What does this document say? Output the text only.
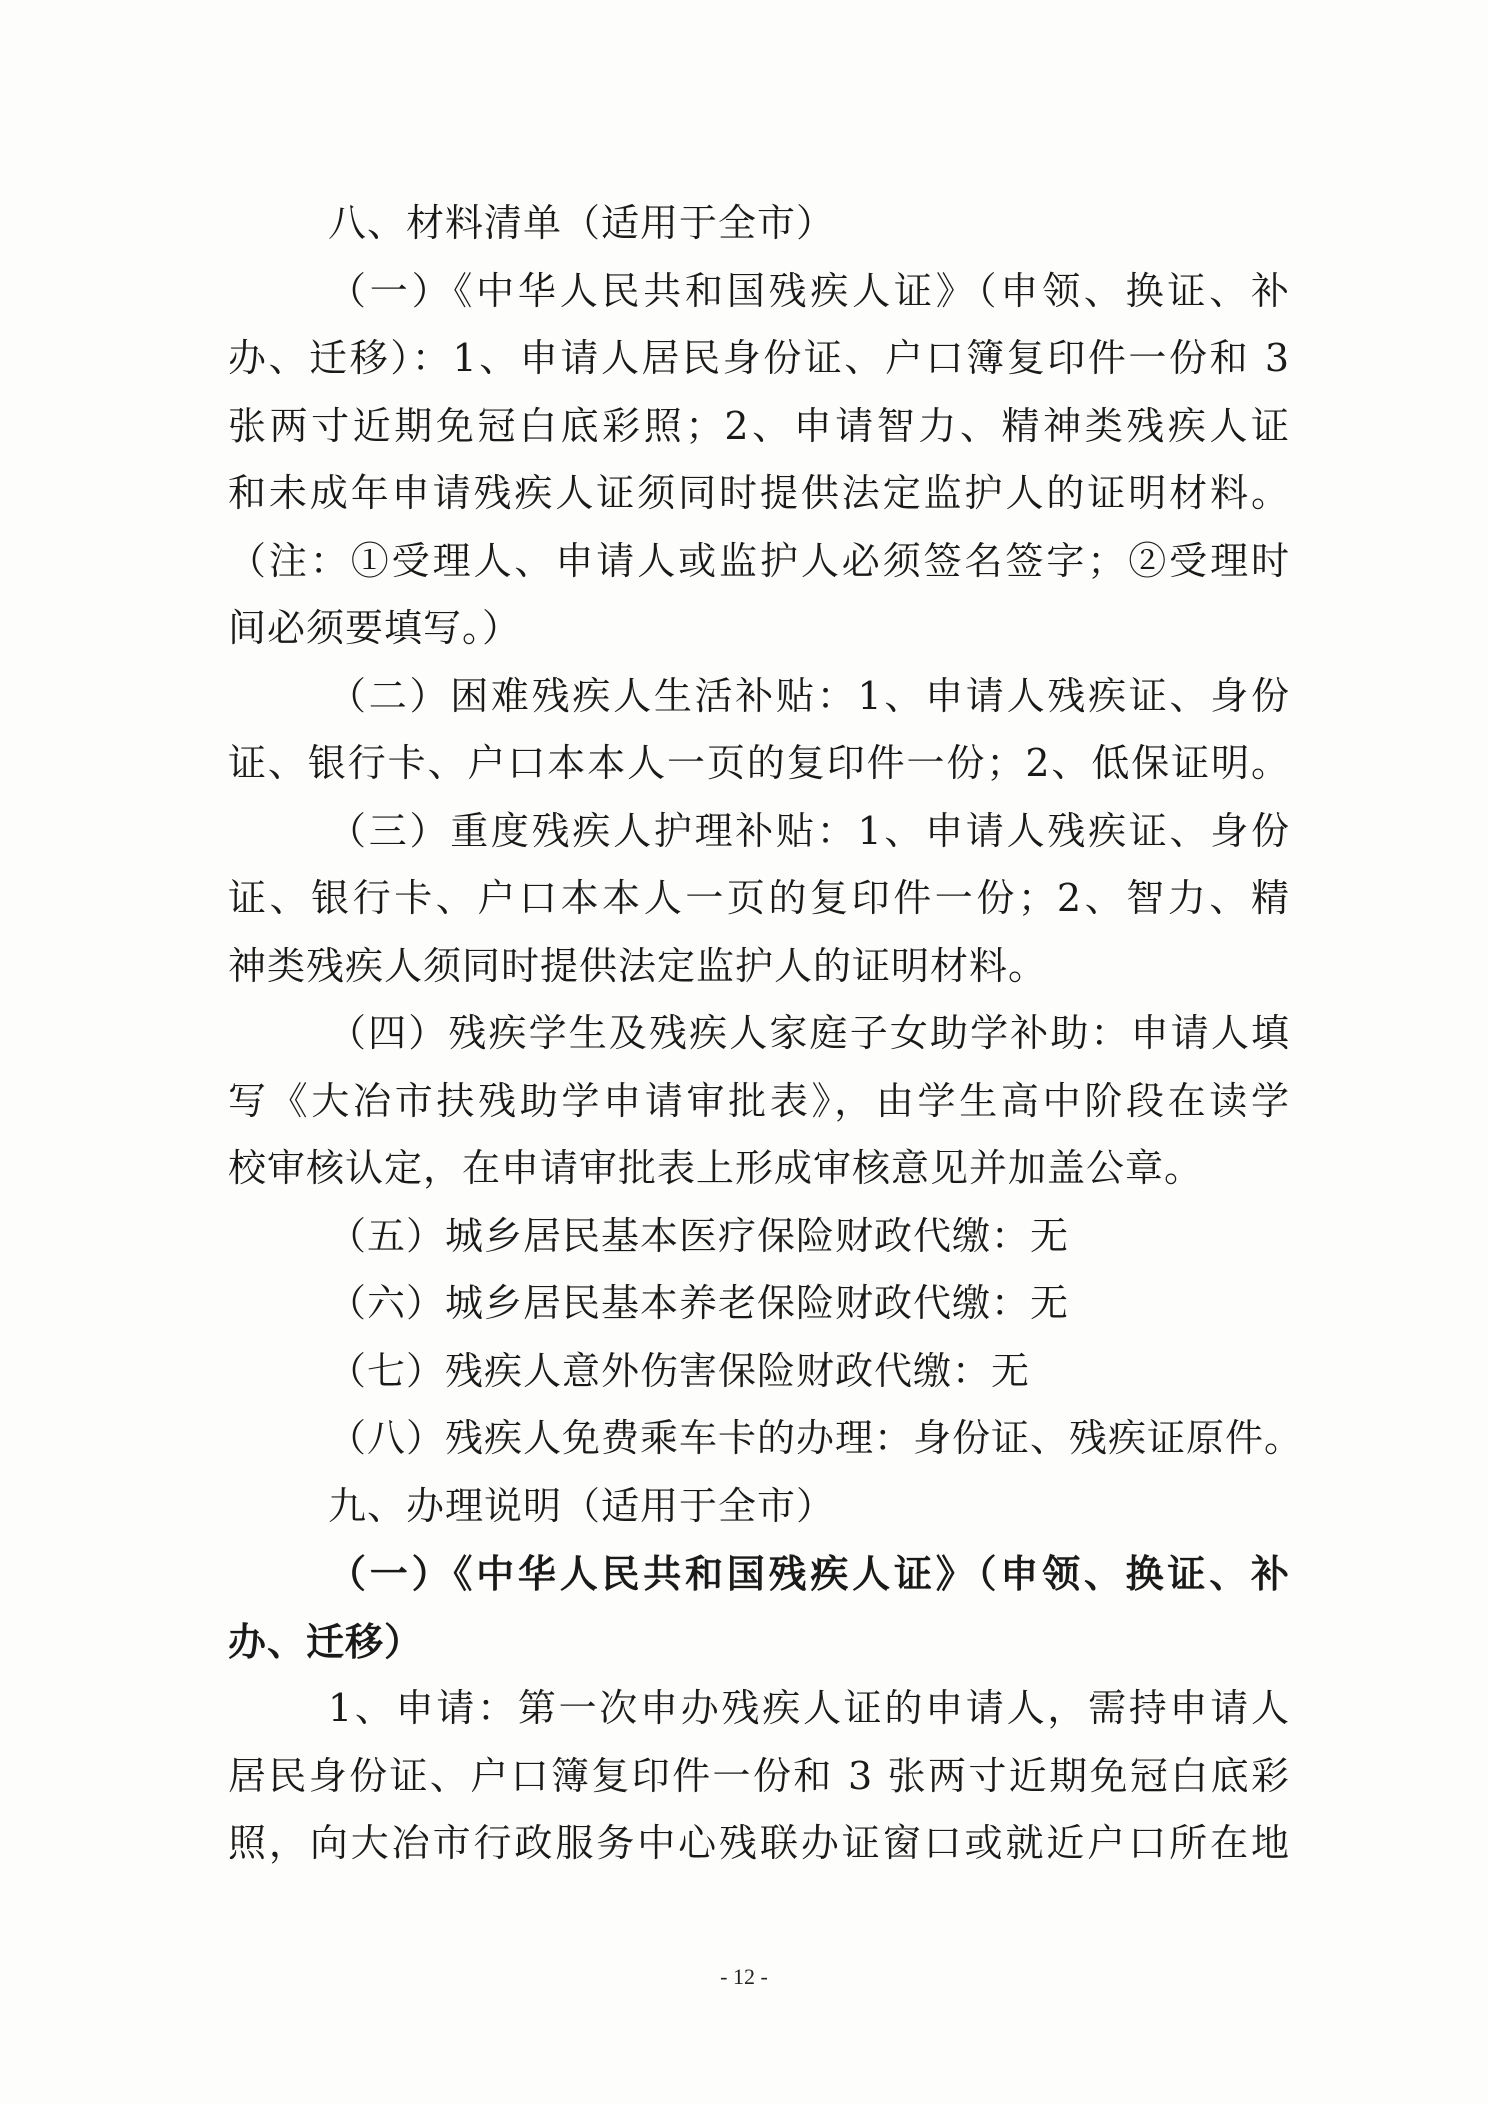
八、材料清单（适用于全市）
（一）《中华人民共和国残疾人证》（申领、换证、补
办、迁移）：1、申请人居民身份证、户口簿复印件一份和 3
张两寸近期免冠白底彩照；2、申请智力、精神类残疾人证
和未成年申请残疾人证须同时提供法定监护人的证明材料。
（注：①受理人、申请人或监护人必须签名签字；②受理时
间必须要填写。）
（二）困难残疾人生活补贴：1、申请人残疾证、身份
证、银行卡、户口本本人一页的复印件一份；2、低保证明。
（三）重度残疾人护理补贴：1、申请人残疾证、身份
证、银行卡、户口本本人一页的复印件一份；2、智力、精
神类残疾人须同时提供法定监护人的证明材料。
（四）残疾学生及残疾人家庭子女助学补助：申请人填
写《大冶市扶残助学申请审批表》，由学生高中阶段在读学
校审核认定，在申请审批表上形成审核意见并加盖公章。
（五）城乡居民基本医疗保险财政代缴：无
（六）城乡居民基本养老保险财政代缴：无
（七）残疾人意外伤害保险财政代缴：无
（八）残疾人免费乘车卡的办理：身份证、残疾证原件。
九、办理说明（适用于全市）
（一）《中华人民共和国残疾人证》（申领、换证、补
办、迁移）
1、申请：第一次申办残疾人证的申请人，需持申请人
居民身份证、户口簿复印件一份和 3 张两寸近期免冠白底彩
照，向大冶市行政服务中心残联办证窗口或就近户口所在地
- 12 -
